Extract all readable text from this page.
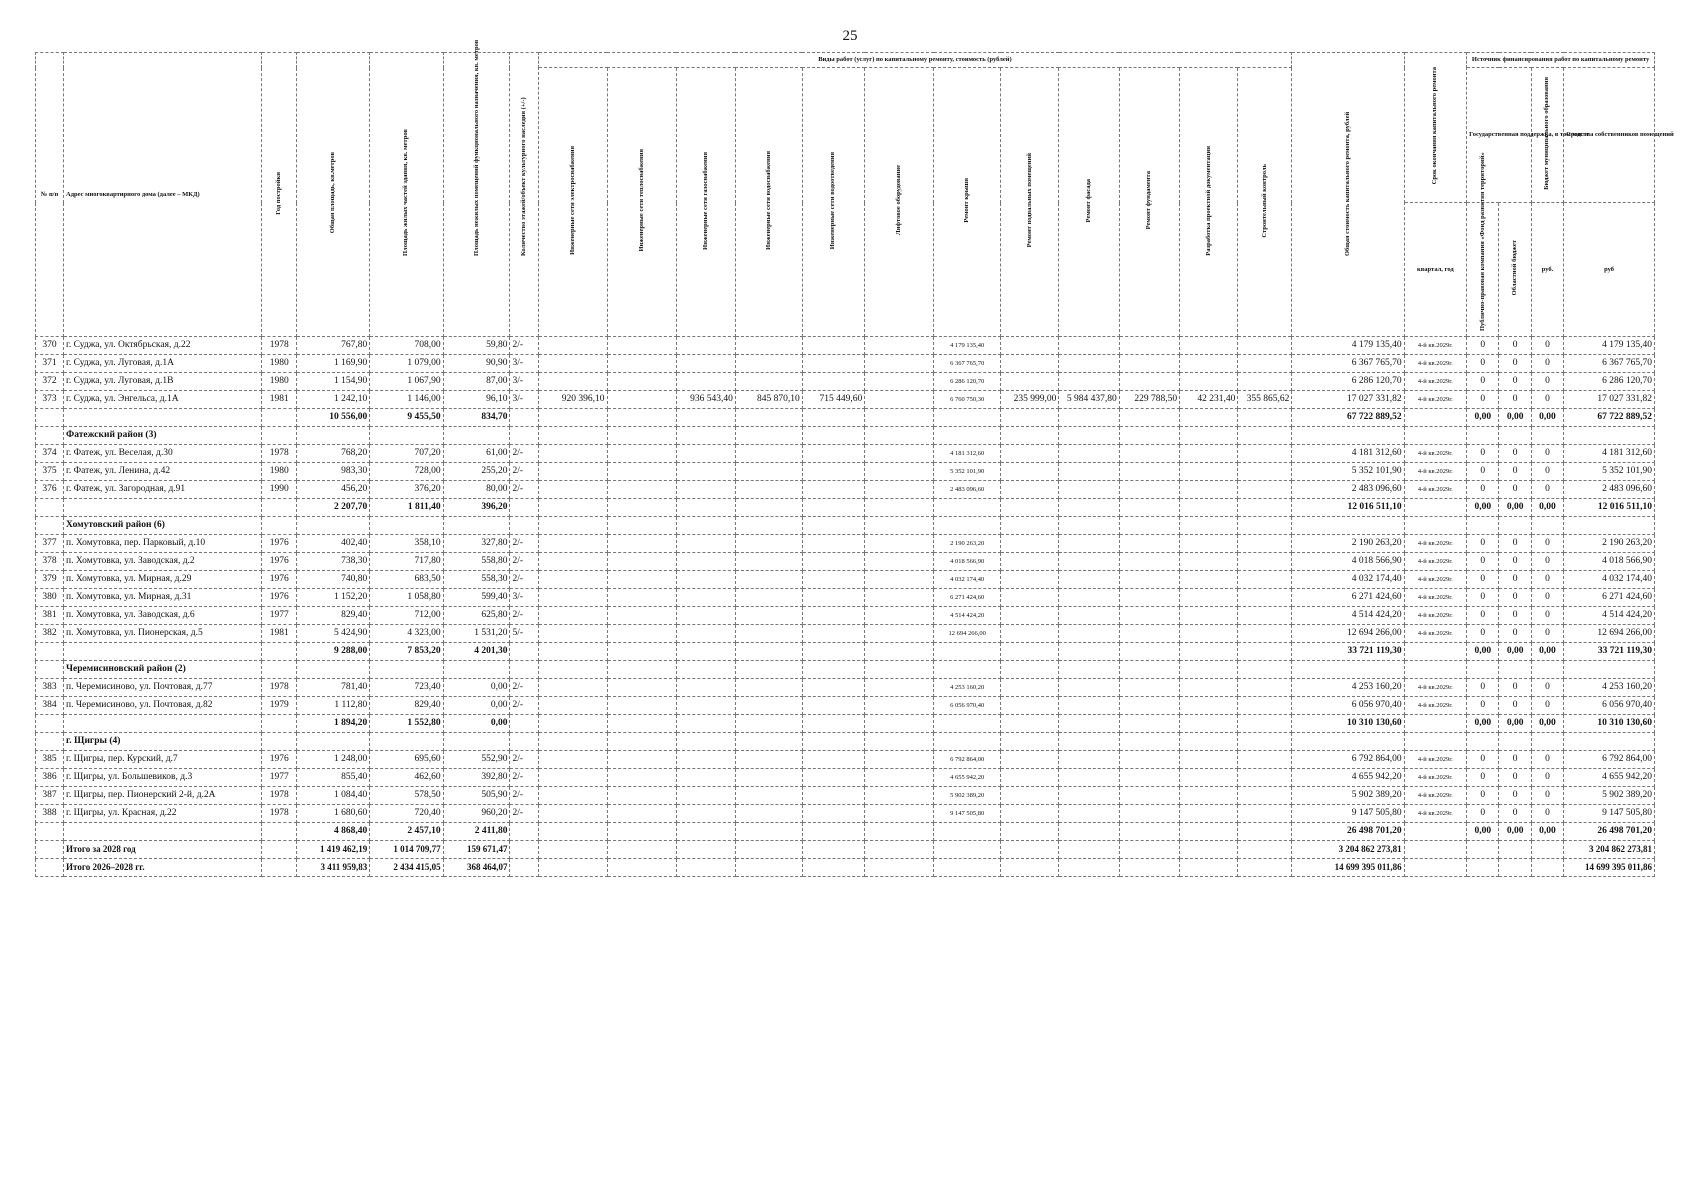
25
№ п/п	Адрес многоквартирного дома (далее – МКД)	Год постройки	Общая площадь, кв.метров	Площадь жилых частей здания, кв. метров	Площадь нежилых помещений функционального назначения, кв. метров	Количество этажей/объект культурного наследия (+/-)	Виды работ (услуг) по капитальному ремонту, стоимость (рублей)												Общая стоимость капитального ремонта, рублей	Срок окончания капитального ремонта	Источник финансирования работ по капитальному ремонту			
							Инженерные сети электроснабжения	Инженерные сети теплоснабжения	Инженерные сети газоснабжения	Инженерные сети водоснабжения	Инженерные сети водоотведения	Лифтовое оборудование	Ремонт крыши	Ремонт подвальных помещений	Ремонт фасада	Ремонт фундамента	Разработка проектной документации	Строительный контроль			Государственная поддержка, в том числе		Бюджет муниципального образования	Средства собственников помещений
																				квартал, год	Публично-правовая компания «Фонд развития территорий»	Областной бюджет	руб.	руб
370	г. Суджа, ул. Октябрьская, д.22	1978	767,80	708,00	59,80	2/-							4 179 135,40						4 179 135,40	4-й кв.2029г.	0	0	0	4 179 135,40
371	г. Суджа, ул. Луговая, д.1А	1980	1 169,90	1 079,00	90,90	3/-							6 367 765,70						6 367 765,70	4-й кв.2029г.	0	0	0	6 367 765,70
372	г. Суджа, ул. Луговая, д.1В	1980	1 154,90	1 067,90	87,00	3/-							6 286 120,70						6 286 120,70	4-й кв.2029г.	0	0	0	6 286 120,70
373	г. Суджа, ул. Энгельса, д.1А	1981	1 242,10	1 146,00	96,10	3/-	920 396,10		936 543,40	845 870,10	715 449,60		6 760 750,30	235 999,00	5 984 437,80	229 788,50	42 231,40	355 865,62	17 027 331,82	4-й кв.2029г.	0	0	0	17 027 331,82
			10 556,00	9 455,50	834,70														67 722 889,52		0,00	0,00	0,00	67 722 889,52
	Фатежский район (3)																							
374	г. Фатеж, ул. Веселая, д.30	1978	768,20	707,20	61,00	2/-							4 181 312,60						4 181 312,60	4-й кв.2029г.	0	0	0	4 181 312,60
375	г. Фатеж, ул. Ленина, д.42	1980	983,30	728,00	255,20	2/-							5 352 101,90						5 352 101,90	4-й кв.2029г.	0	0	0	5 352 101,90
376	г. Фатеж, ул. Загородная, д.91	1990	456,20	376,20	80,00	2/-							2 483 096,60						2 483 096,60	4-й кв.2029г.	0	0	0	2 483 096,60
			2 207,70	1 811,40	396,20														12 016 511,10		0,00	0,00	0,00	12 016 511,10
	Хомутовский район (6)																							
377	п. Хомутовка, пер. Парковый, д.10	1976	402,40	358,10	327,80	2/-							2 190 263,20						2 190 263,20	4-й кв.2029г.	0	0	0	2 190 263,20
378	п. Хомутовка, ул. Заводская, д.2	1976	738,30	717,80	558,80	2/-							4 018 566,90						4 018 566,90	4-й кв.2029г.	0	0	0	4 018 566,90
379	п. Хомутовка, ул. Мирная, д.29	1976	740,80	683,50	558,30	2/-							4 032 174,40						4 032 174,40	4-й кв.2029г.	0	0	0	4 032 174,40
380	п. Хомутовка, ул. Мирная, д.31	1976	1 152,20	1 058,80	599,40	3/-							6 271 424,60						6 271 424,60	4-й кв.2029г.	0	0	0	6 271 424,60
381	п. Хомутовка, ул. Заводская, д.6	1977	829,40	712,00	625,80	2/-							4 514 424,20						4 514 424,20	4-й кв.2029г.	0	0	0	4 514 424,20
382	п. Хомутовка, ул. Пионерская, д.5	1981	5 424,90	4 323,00	1 531,20	5/-							12 694 266,00						12 694 266,00	4-й кв.2029г.	0	0	0	12 694 266,00
			9 288,00	7 853,20	4 201,30														33 721 119,30		0,00	0,00	0,00	33 721 119,30
	Черемисиновский район (2)																							
383	п. Черемисиново, ул. Почтовая, д.77	1978	781,40	723,40	0,00	2/-							4 253 160,20						4 253 160,20	4-й кв.2029г.	0	0	0	4 253 160,20
384	п. Черемисиново, ул. Почтовая, д.82	1979	1 112,80	829,40	0,00	2/-							6 056 970,40						6 056 970,40	4-й кв.2029г.	0	0	0	6 056 970,40
			1 894,20	1 552,80	0,00														10 310 130,60		0,00	0,00	0,00	10 310 130,60
	г. Щигры (4)																							
385	г. Щигры, пер. Курский, д.7	1976	1 248,00	695,60	552,90	2/-							6 792 864,00						6 792 864,00	4-й кв.2029г.	0	0	0	6 792 864,00
386	г. Щигры, ул. Большевиков, д.3	1977	855,40	462,60	392,80	2/-							4 655 942,20						4 655 942,20	4-й кв.2029г.	0	0	0	4 655 942,20
387	г. Щигры, пер. Пионерский 2-й, д.2А	1978	1 084,40	578,50	505,90	2/-							5 902 389,20						5 902 389,20	4-й кв.2029г.	0	0	0	5 902 389,20
388	г. Щигры, ул. Красная, д.22	1978	1 680,60	720,40	960,20	2/-							9 147 505,80						9 147 505,80	4-й кв.2029г.	0	0	0	9 147 505,80
			4 868,40	2 457,10	2 411,80														26 498 701,20		0,00	0,00	0,00	26 498 701,20
	Итого за 2028 год		1 419 462,19	1 014 709,77	159 671,47														3 204 862 273,81					3 204 862 273,81
	Итого 2026–2028 гг.		3 411 959,83	2 434 415,05	368 464,07														14 699 395 011,86					14 699 395 011,86
